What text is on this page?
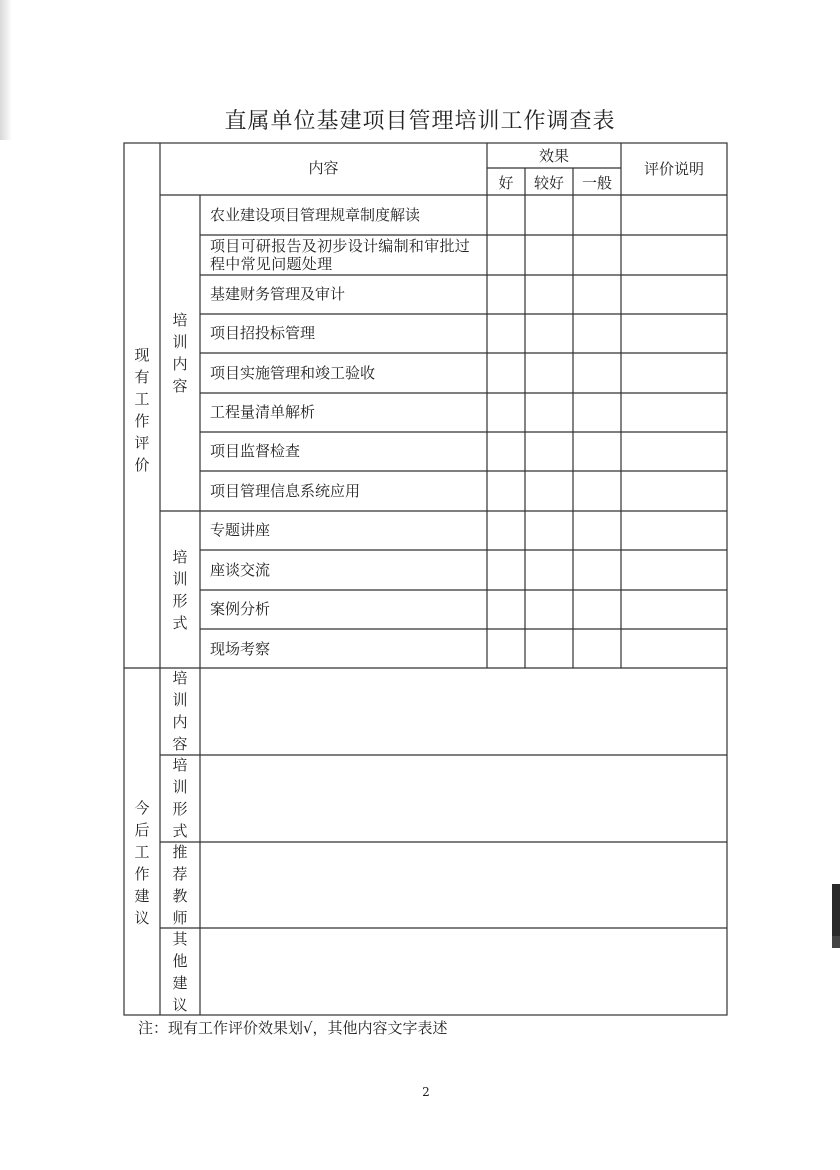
直属单位基建项目管理培训工作调查表
内容
效果
好	较好	一般
评价说明
现有工作评价
培训内容
培训形式
农业建设项目管理规章制度解读
项目可研报告及初步设计编制和审批过程中常见问题处理
基建财务管理及审计
项目招投标管理
项目实施管理和竣工验收
工程量清单解析
项目监督检查
项目管理信息系统应用
专题讲座
座谈交流
案例分析
现场考察
今后工作建议
培训内容
培训形式
推荐教师
其他建议
注：现有工作评价效果划√，其他内容文字表述
2
